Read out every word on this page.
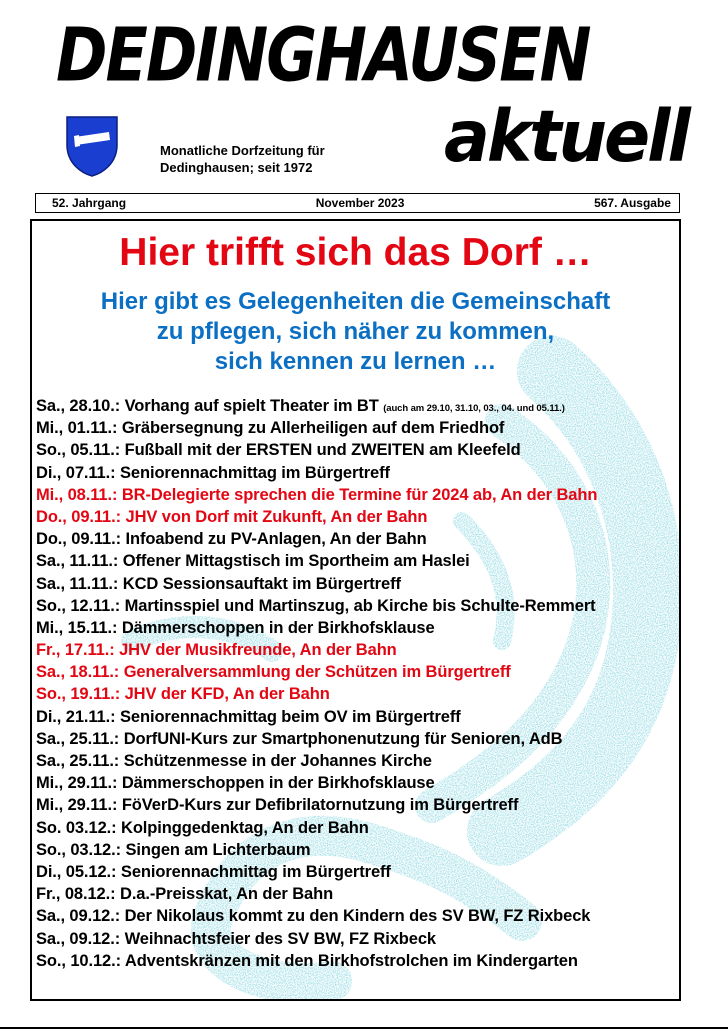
DEDINGHAUSEN
Monatliche Dorfzeitung für
Dedinghausen; seit 1972	aktuell
52. Jahrgang	November 2023	567. Ausgabe
Hier trifft sich das Dorf …
Hier gibt es Gelegenheiten die Gemeinschaft
zu pflegen, sich näher zu kommen,
sich kennen zu lernen …
Sa., 28.10.: Vorhang auf spielt Theater im BT (auch am 29.10, 31.10, 03., 04. und 05.11.)
Mi., 01.11.: Gräbersegnung zu Allerheiligen auf dem Friedhof
So., 05.11.: Fußball mit der ERSTEN und ZWEITEN am Kleefeld
Di., 07.11.: Seniorennachmittag im Bürgertreff
Mi., 08.11.: BR-Delegierte sprechen die Termine für 2024 ab, An der Bahn
Do., 09.11.: JHV von Dorf mit Zukunft, An der Bahn
Do., 09.11.: Infoabend zu PV-Anlagen, An der Bahn
Sa., 11.11.: Offener Mittagstisch im Sportheim am Haslei
Sa., 11.11.: KCD Sessionsauftakt im Bürgertreff
So., 12.11.: Martinsspiel und Martinszug, ab Kirche bis Schulte-Remmert
Mi., 15.11.: Dämmerschoppen in der Birkhofsklause
Fr., 17.11.: JHV der Musikfreunde, An der Bahn
Sa., 18.11.: Generalversammlung der Schützen im Bürgertreff
So., 19.11.: JHV der KFD, An der Bahn
Di., 21.11.: Seniorennachmittag beim OV im Bürgertreff
Sa., 25.11.: DorfUNI-Kurs zur Smartphonenutzung für Senioren, AdB
Sa., 25.11.: Schützenmesse in der Johannes Kirche
Mi., 29.11.: Dämmerschoppen in der Birkhofsklause
Mi., 29.11.: FöVerD-Kurs zur Defibrilatornutzung im Bürgertreff
So. 03.12.: Kolpinggedenktag, An der Bahn
So., 03.12.: Singen am Lichterbaum
Di., 05.12.: Seniorennachmittag im Bürgertreff
Fr., 08.12.: D.a.-Preisskat, An der Bahn
Sa., 09.12.: Der Nikolaus kommt zu den Kindern des SV BW, FZ Rixbeck
Sa., 09.12.: Weihnachtsfeier des SV BW, FZ Rixbeck
So., 10.12.: Adventskränzen mit den Birkhofstrolchen im Kindergarten
